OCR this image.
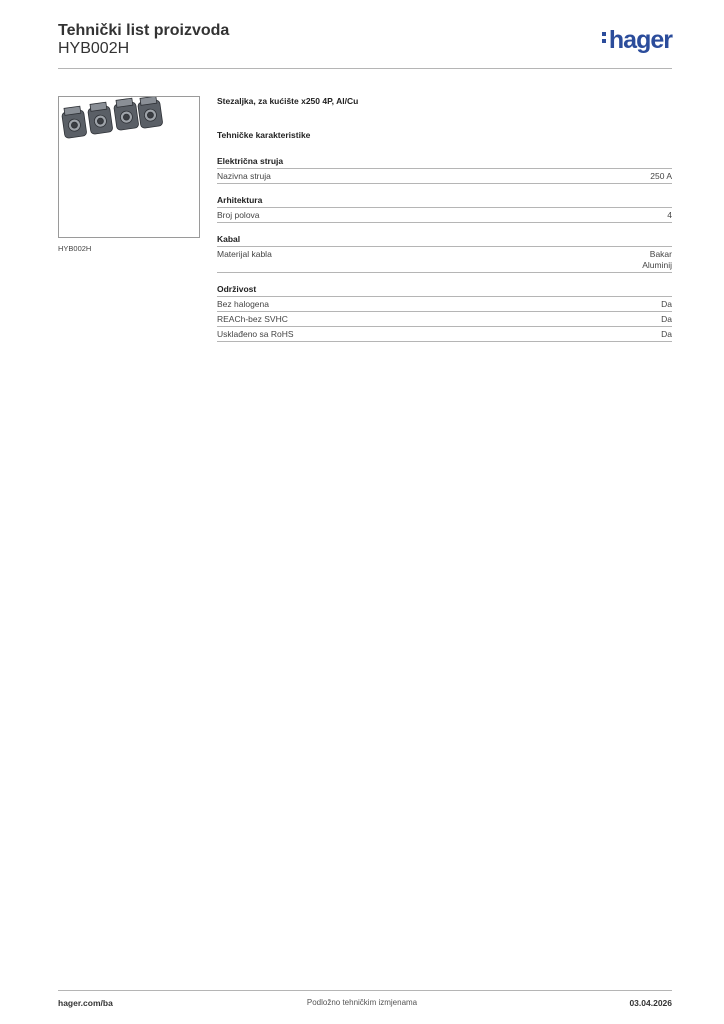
Tehnički list proizvoda
HYB002H	hager
HYB002H
Stezaljka, za kućište x250 4P, Al/Cu
Tehničke karakteristike
Električna struja
Nazivna struja	250 A
Arhitektura
Broj polova	4
Kabal
Materijal kabla	Bakar
Aluminij
Održivost
Bez halogena	Da
REACh-bez SVHC	Da
Usklađeno sa RoHS	Da
hager.com/ba	Podložno tehničkim izmjenama	03.04.2026
